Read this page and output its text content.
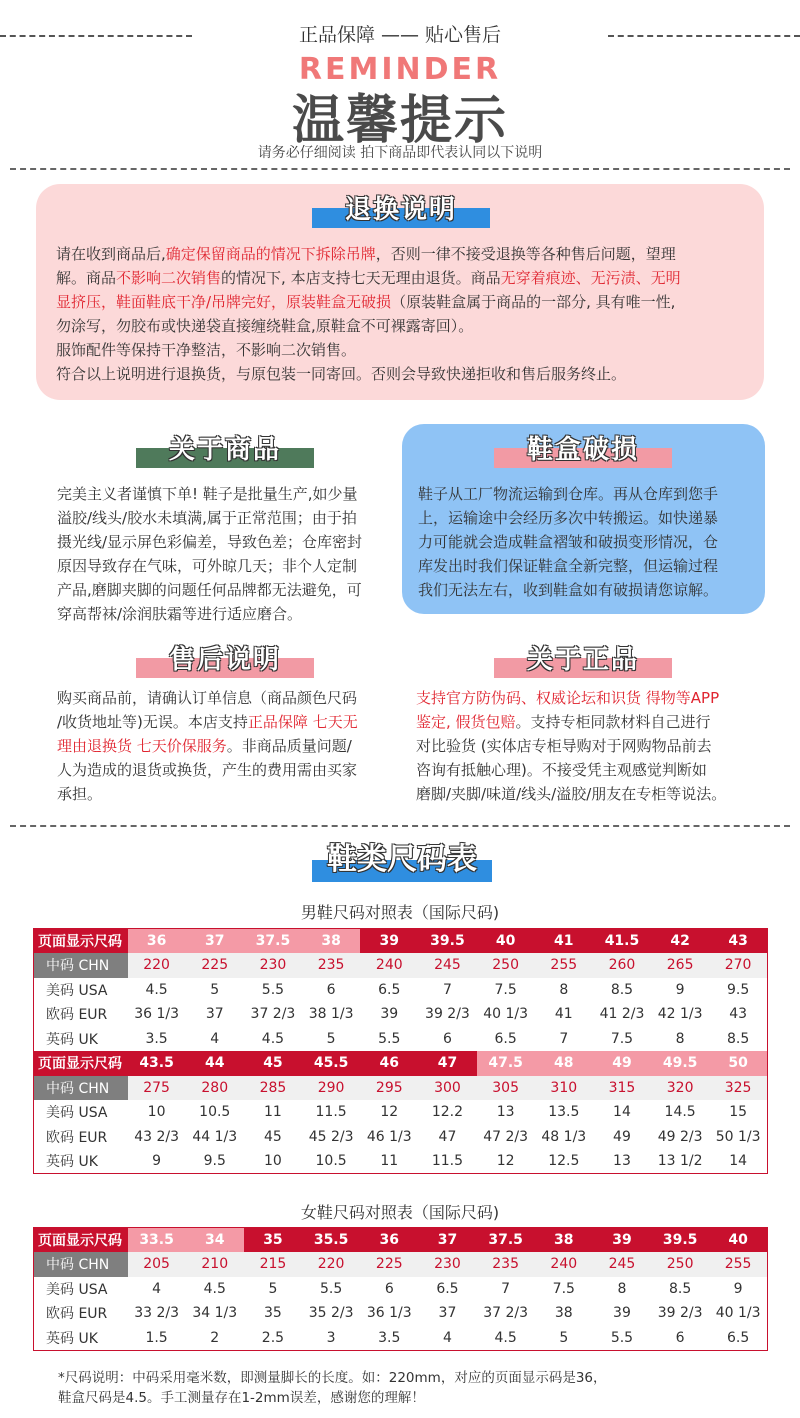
正品保障 —— 贴心售后
REMINDER
温馨提示
请务必仔细阅读 拍下商品即代表认同以下说明
退换说明
请在收到商品后,确定保留商品的情况下拆除吊牌，否则一律不接受退换等各种售后问题，望理
解。商品不影响二次销售的情况下, 本店支持七天无理由退货。商品无穿着痕迹、无污渍、无明
显挤压，鞋面鞋底干净/吊牌完好，原装鞋盒无破损（原装鞋盒属于商品的一部分, 具有唯一性,
勿涂写，勿胶布或快递袋直接缠绕鞋盒,原鞋盒不可裸露寄回）。
服饰配件等保持干净整洁，不影响二次销售。
符合以上说明进行退换货，与原包装一同寄回。否则会导致快递拒收和售后服务终止。
关于商品
完美主义者谨慎下单! 鞋子是批量生产,如少量
溢胶/线头/胶水未填满,属于正常范围；由于拍
摄光线/显示屏色彩偏差，导致色差；仓库密封
原因导致存在气味，可外晾几天；非个人定制
产品,磨脚夹脚的问题任何品牌都无法避免，可
穿高帮袜/涂润肤霜等进行适应磨合。
鞋盒破损
鞋子从工厂物流运输到仓库。再从仓库到您手
上，运输途中会经历多次中转搬运。如快递暴
力可能就会造成鞋盒褶皱和破损变形情况，仓
库发出时我们保证鞋盒全新完整，但运输过程
我们无法左右，收到鞋盒如有破损请您谅解。
售后说明
购买商品前，请确认订单信息（商品颜色尺码
/收货地址等)无误。本店支持正品保障 七天无
理由退换货 七天价保服务。非商品质量问题/
人为造成的退货或换货，产生的费用需由买家
承担。
关于正品
支持官方防伪码、权威论坛和识货 得物等APP
鉴定, 假货包赔。支持专柜同款材料自己进行
对比验货 (实体店专柜导购对于网购物品前去
咨询有抵触心理)。不接受凭主观感觉判断如
磨脚/夹脚/味道/线头/溢胶/朋友在专柜等说法。
鞋类尺码表
男鞋尺码对照表（国际尺码)
页面显示尺码	36	37	37.5	38	39	39.5	40	41	41.5	42	43
中码 CHN	220	225	230	235	240	245	250	255	260	265	270
美码 USA	4.5	5	5.5	6	6.5	7	7.5	8	8.5	9	9.5
欧码 EUR	36 1/3	37	37 2/3	38 1/3	39	39 2/3	40 1/3	41	41 2/3	42 1/3	43
英码 UK	3.5	4	4.5	5	5.5	6	6.5	7	7.5	8	8.5
页面显示尺码	43.5	44	45	45.5	46	47	47.5	48	49	49.5	50
中码 CHN	275	280	285	290	295	300	305	310	315	320	325
美码 USA	10	10.5	11	11.5	12	12.2	13	13.5	14	14.5	15
欧码 EUR	43 2/3	44 1/3	45	45 2/3	46 1/3	47	47 2/3	48 1/3	49	49 2/3	50 1/3
英码 UK	9	9.5	10	10.5	11	11.5	12	12.5	13	13 1/2	14
女鞋尺码对照表（国际尺码)
页面显示尺码	33.5	34	35	35.5	36	37	37.5	38	39	39.5	40
中码 CHN	205	210	215	220	225	230	235	240	245	250	255
美码 USA	4	4.5	5	5.5	6	6.5	7	7.5	8	8.5	9
欧码 EUR	33 2/3	34 1/3	35	35 2/3	36 1/3	37	37 2/3	38	39	39 2/3	40 1/3
英码 UK	1.5	2	2.5	3	3.5	4	4.5	5	5.5	6	6.5
*尺码说明：中码采用毫米数，即测量脚长的长度。如：220mm，对应的页面显示码是36，
鞋盒尺码是4.5。手工测量存在1-2mm误差，感谢您的理解！
